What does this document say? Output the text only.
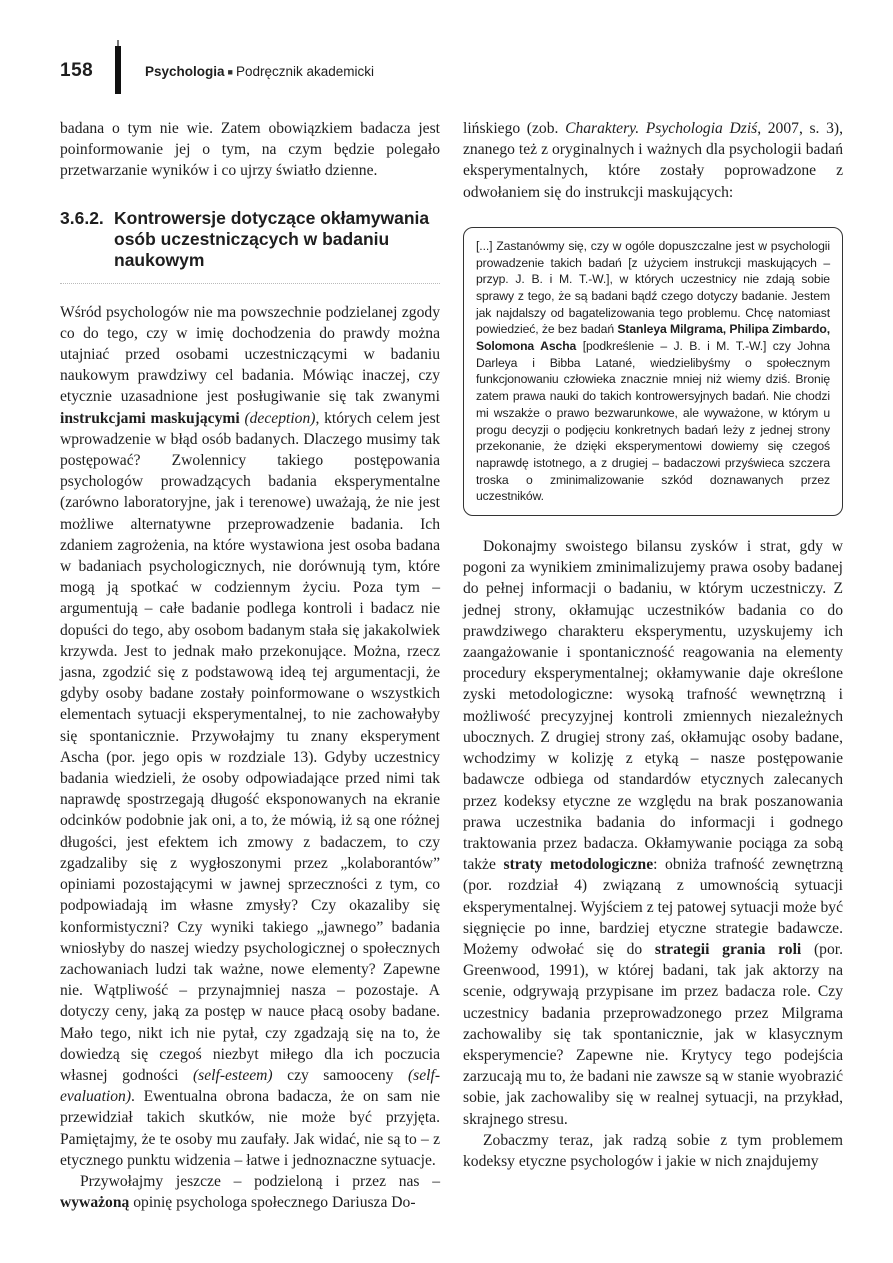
158	Psychologia ■ Podręcznik akademicki

badana o tym nie wie. Zatem obowiązkiem badacza jest poinformowanie jej o tym, na czym będzie polegało przetwarzanie wyników i co ujrzy światło dzienne.

3.6.2. Kontrowersje dotyczące okłamywania osób uczestniczących w badaniu naukowym

Wśród psychologów nie ma powszechnie podzielanej zgody co do tego, czy w imię dochodzenia do prawdy można utajniać przed osobami uczestniczącymi w badaniu naukowym prawdziwy cel badania. Mówiąc inaczej, czy etycznie uzasadnione jest posługiwanie się tak zwanymi instrukcjami maskującymi (deception), których celem jest wprowadzenie w błąd osób badanych. Dlaczego musimy tak postępować? Zwolennicy takiego postępowania psychologów prowadzących badania eksperymentalne (zarówno laboratoryjne, jak i terenowe) uważają, że nie jest możliwe alternatywne przeprowadzenie badania. Ich zdaniem zagrożenia, na które wystawiona jest osoba badana w badaniach psychologicznych, nie dorównują tym, które mogą ją spotkać w codziennym życiu. Poza tym – argumentują – całe badanie podlega kontroli i badacz nie dopuści do tego, aby osobom badanym stała się jakakolwiek krzywda. Jest to jednak mało przekonujące. Można, rzecz jasna, zgodzić się z podstawową ideą tej argumentacji, że gdyby osoby badane zostały poinformowane o wszystkich elementach sytuacji eksperymentalnej, to nie zachowałyby się spontanicznie. Przywołajmy tu znany eksperyment Ascha (por. jego opis w rozdziale 13). Gdyby uczestnicy badania wiedzieli, że osoby odpowiadające przed nimi tak naprawdę spostrzegają długość eksponowanych na ekranie odcinków podobnie jak oni, a to, że mówią, iż są one różnej długości, jest efektem ich zmowy z badaczem, to czy zgadzaliby się z wygłoszonymi przez „kolaborantów” opiniami pozostającymi w jawnej sprzeczności z tym, co podpowiadają im własne zmysły? Czy okazaliby się konformistyczni? Czy wyniki takiego „jawnego” badania wniosłyby do naszej wiedzy psychologicznej o społecznych zachowaniach ludzi tak ważne, nowe elementy? Zapewne nie. Wątpliwość – przynajmniej nasza – pozostaje. A dotyczy ceny, jaką za postęp w nauce płacą osoby badane. Mało tego, nikt ich nie pytał, czy zgadzają się na to, że dowiedzą się czegoś niezbyt miłego dla ich poczucia własnej godności (self-esteem) czy samooceny (self-evaluation). Ewentualna obrona badacza, że on sam nie przewidział takich skutków, nie może być przyjęta. Pamiętajmy, że te osoby mu zaufały. Jak widać, nie są to – z etycznego punktu widzenia – łatwe i jednoznaczne sytuacje.

Przywołajmy jeszcze – podzieloną i przez nas – wyważoną opinię psychologa społecznego Dariusza Do-

lińskiego (zob. Charaktery. Psychologia Dziś, 2007, s. 3), znanego też z oryginalnych i ważnych dla psychologii badań eksperymentalnych, które zostały poprowadzone z odwołaniem się do instrukcji maskujących:

[...] Zastanówmy się, czy w ogóle dopuszczalne jest w psychologii prowadzenie takich badań [z użyciem instrukcji maskujących – przyp. J. B. i M. T.-W.], w których uczestnicy nie zdają sobie sprawy z tego, że są badani bądź czego dotyczy badanie. Jestem jak najdalszy od bagatelizowania tego problemu. Chcę natomiast powiedzieć, że bez badań Stanleya Milgrama, Philipa Zimbardo, Solomona Ascha [podkreślenie – J. B. i M. T.-W.] czy Johna Darleya i Bibba Latané, wiedzielibyśmy o społecznym funkcjonowaniu człowieka znacznie mniej niż wiemy dziś. Bronię zatem prawa nauki do takich kontrowersyjnych badań. Nie chodzi mi wszakże o prawo bezwarunkowe, ale wyważone, w którym u progu decyzji o podjęciu konkretnych badań leży z jednej strony przekonanie, że dzięki eksperymentowi dowiemy się czegoś naprawdę istotnego, a z drugiej – badaczowi przyświeca szczera troska o zminimalizowanie szkód doznawanych przez uczestników.

Dokonajmy swoistego bilansu zysków i strat, gdy w pogoni za wynikiem zminimalizujemy prawa osoby badanej do pełnej informacji o badaniu, w którym uczestniczy. Z jednej strony, okłamując uczestników badania co do prawdziwego charakteru eksperymentu, uzyskujemy ich zaangażowanie i spontaniczność reagowania na elementy procedury eksperymentalnej; okłamywanie daje określone zyski metodologiczne: wysoką trafność wewnętrzną i możliwość precyzyjnej kontroli zmiennych niezależnych ubocznych. Z drugiej strony zaś, okłamując osoby badane, wchodzimy w kolizję z etyką – nasze postępowanie badawcze odbiega od standardów etycznych zalecanych przez kodeksy etyczne ze względu na brak poszanowania prawa uczestnika badania do informacji i godnego traktowania przez badacza. Okłamywanie pociąga za sobą także straty metodologiczne: obniża trafność zewnętrzną (por. rozdział 4) związaną z umownością sytuacji eksperymentalnej. Wyjściem z tej patowej sytuacji może być sięgnięcie po inne, bardziej etyczne strategie badawcze. Możemy odwołać się do strategii grania roli (por. Greenwood, 1991), w której badani, tak jak aktorzy na scenie, odgrywają przypisane im przez badacza role. Czy uczestnicy badania przeprowadzonego przez Milgrama zachowaliby się tak spontanicznie, jak w klasycznym eksperymencie? Zapewne nie. Krytycy tego podejścia zarzucają mu to, że badani nie zawsze są w stanie wyobrazić sobie, jak zachowaliby się w realnej sytuacji, na przykład, skrajnego stresu.

Zobaczmy teraz, jak radzą sobie z tym problemem kodeksy etyczne psychologów i jakie w nich znajdujemy
